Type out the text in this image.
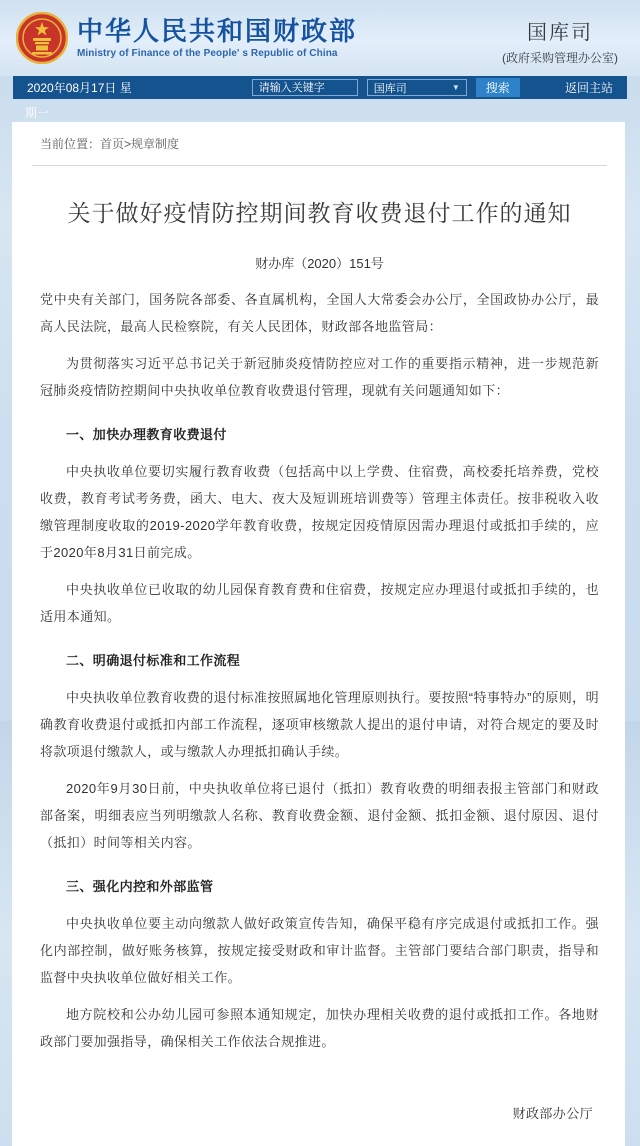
中华人民共和国财政部
Ministry of Finance of the People' s Republic of China
国库司
(政府采购管理办公室)
2020年08月17日 星
请输入关键字	国库司	▼	搜索	返回主站
期一
当前位置：首页>规章制度
关于做好疫情防控期间教育收费退付工作的通知
财办库（2020）151号

党中央有关部门，国务院各部委、各直属机构，全国人大常委会办公厅，全国政协办公厅，最高人民法院，最高人民检察院，有关人民团体，财政部各地监管局：

为贯彻落实习近平总书记关于新冠肺炎疫情防控应对工作的重要指示精神，进一步规范新冠肺炎疫情防控期间中央执收单位教育收费退付管理，现就有关问题通知如下：

一、加快办理教育收费退付

中央执收单位要切实履行教育收费（包括高中以上学费、住宿费，高校委托培养费，党校收费，教育考试考务费，函大、电大、夜大及短训班培训费等）管理主体责任。按非税收入收缴管理制度收取的2019-2020学年教育收费，按规定因疫情原因需办理退付或抵扣手续的，应于2020年8月31日前完成。

中央执收单位已收取的幼儿园保育教育费和住宿费，按规定应办理退付或抵扣手续的，也适用本通知。

二、明确退付标准和工作流程

中央执收单位教育收费的退付标准按照属地化管理原则执行。要按照“特事特办”的原则，明确教育收费退付或抵扣内部工作流程，逐项审核缴款人提出的退付申请，对符合规定的要及时将款项退付缴款人，或与缴款人办理抵扣确认手续。

2020年9月30日前，中央执收单位将已退付（抵扣）教育收费的明细表报主管部门和财政部备案，明细表应当列明缴款人名称、教育收费金额、退付金额、抵扣金额、退付原因、退付（抵扣）时间等相关内容。

三、强化内控和外部监管

中央执收单位要主动向缴款人做好政策宣传告知，确保平稳有序完成退付或抵扣工作。强化内部控制，做好账务核算，按规定接受财政和审计监督。主管部门要结合部门职责，指导和监督中央执收单位做好相关工作。

地方院校和公办幼儿园可参照本通知规定，加快办理相关收费的退付或抵扣工作。各地财政部门要加强指导，确保相关工作依法合规推进。

财政部办公厅
